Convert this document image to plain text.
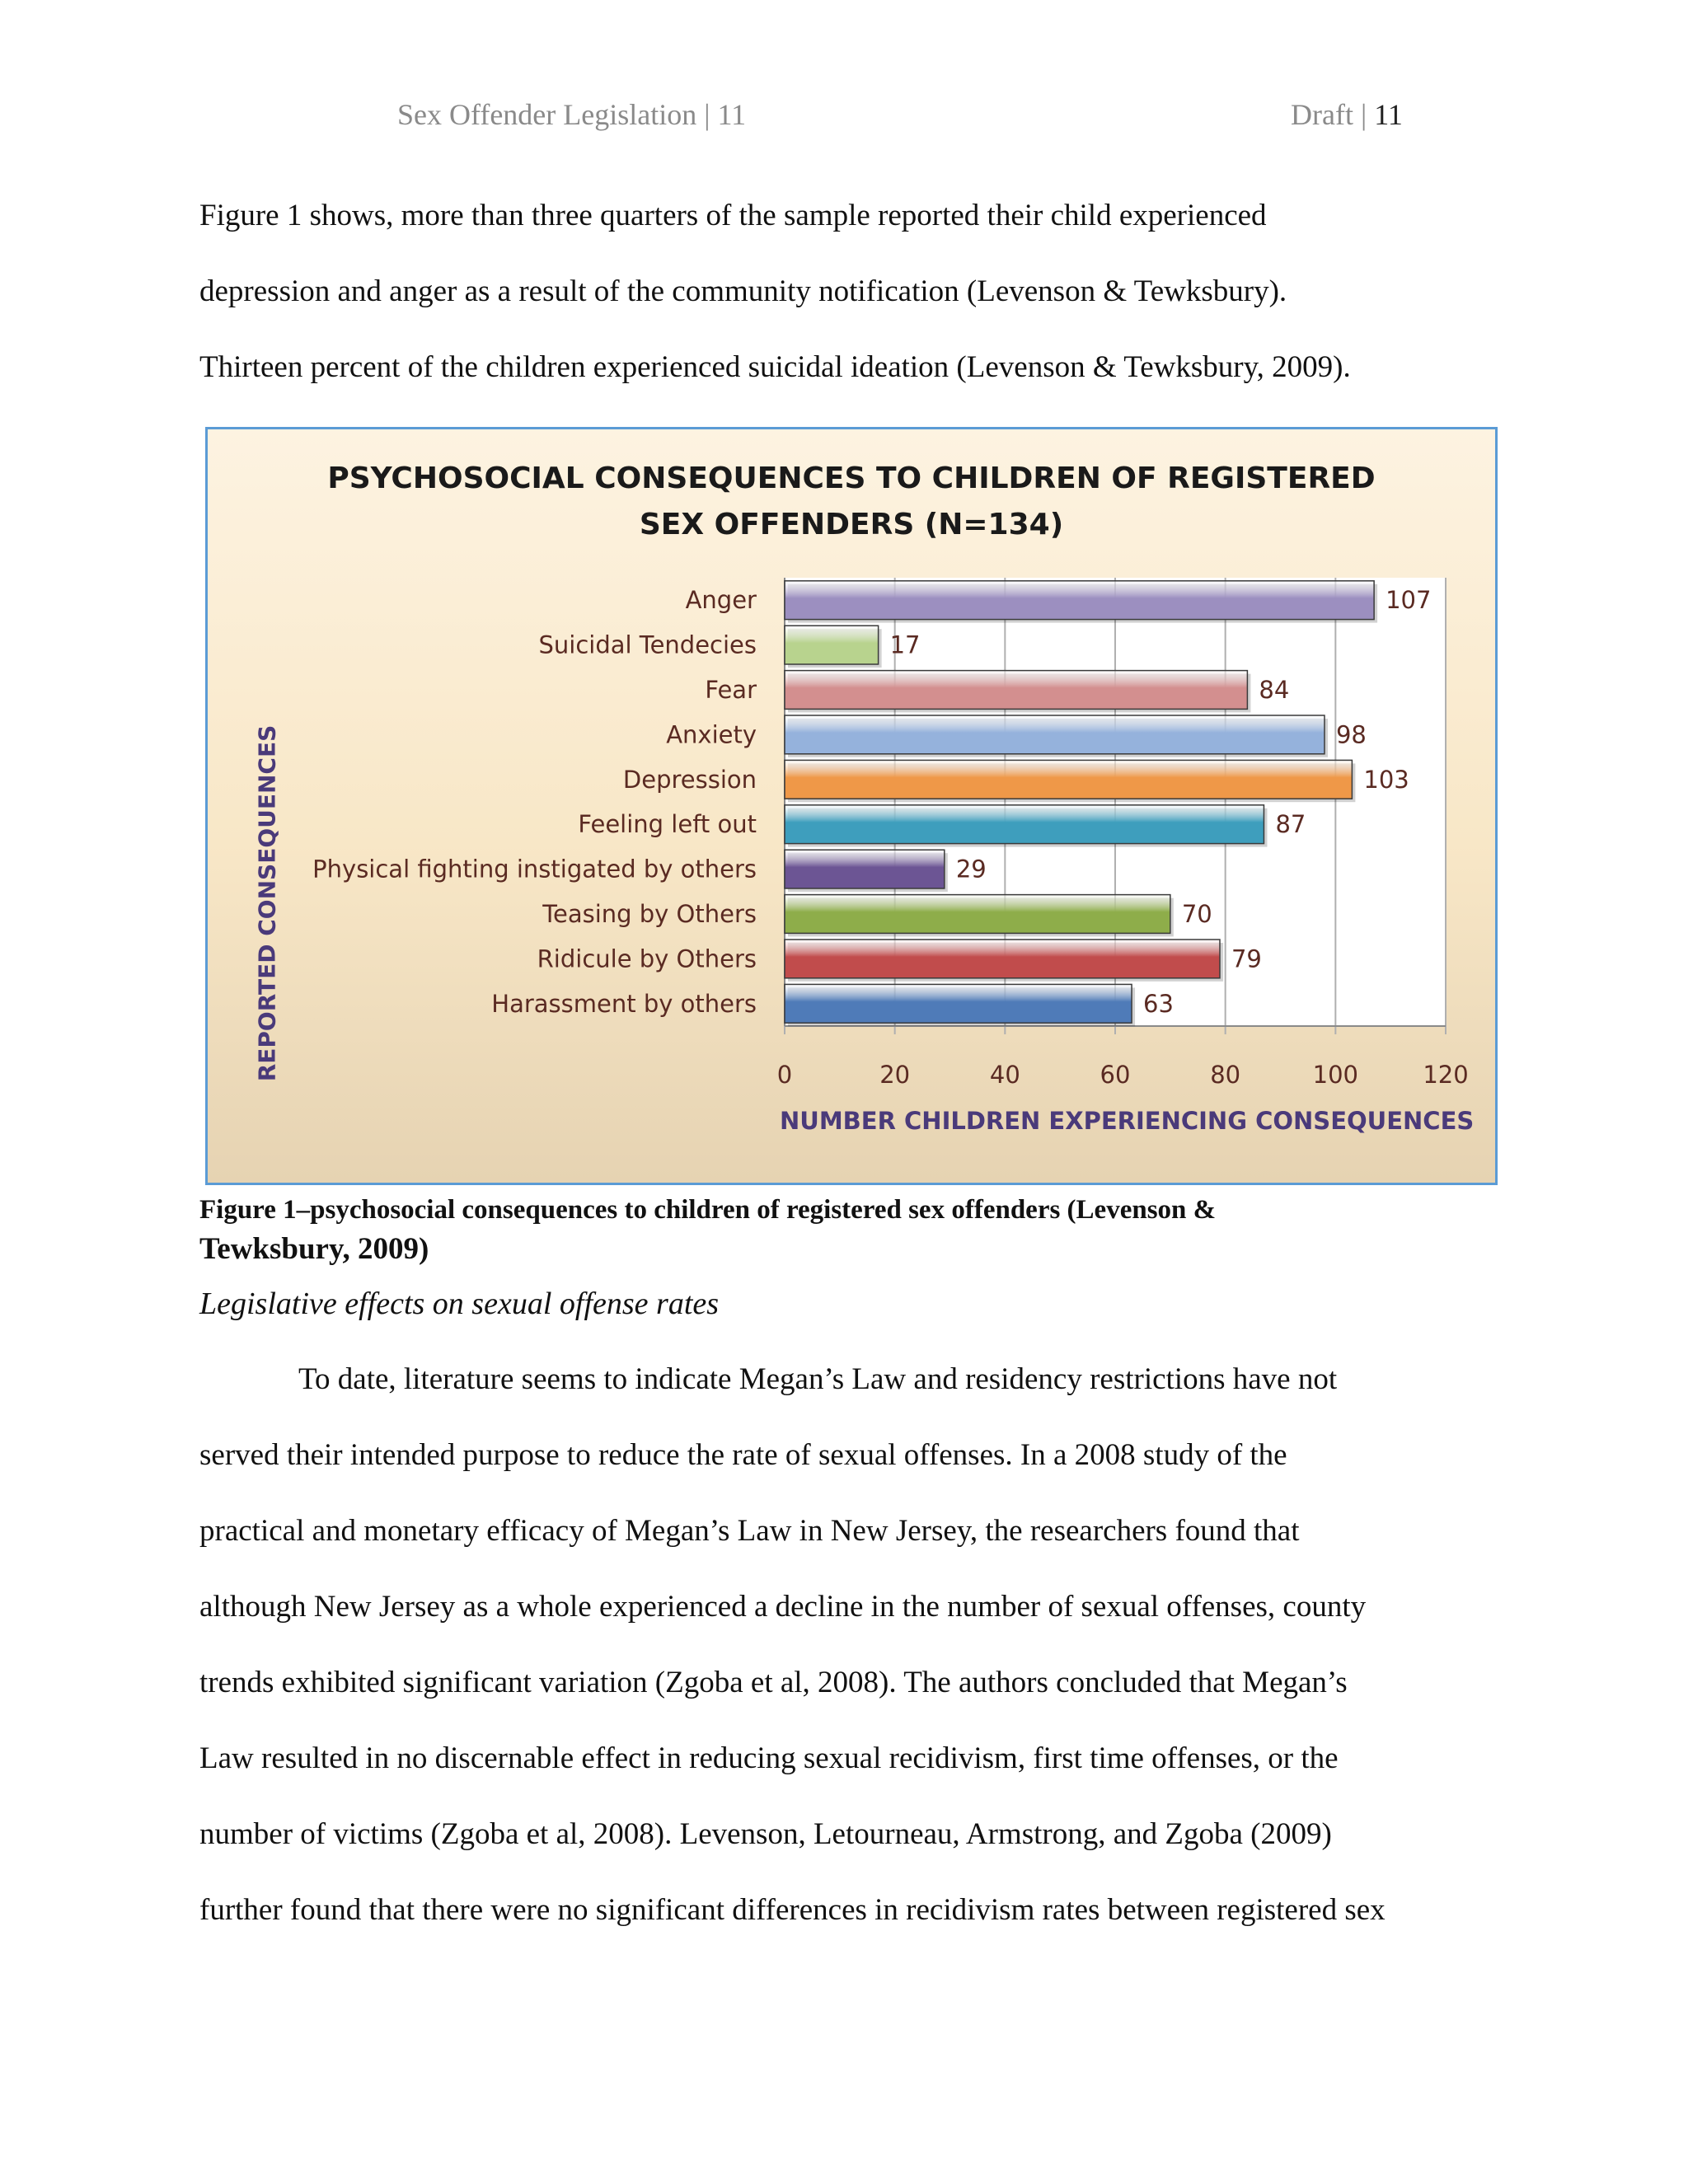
Sex Offender Legislation | 11	Draft | 11
Figure 1 shows, more than three quarters of the sample reported their child experienced
depression and anger as a result of the community notification (Levenson & Tewksbury).
Thirteen percent of the children experienced suicidal ideation (Levenson & Tewksbury, 2009).
PSYCHOSOCIAL CONSEQUENCES TO CHILDREN OF REGISTERED
SEX OFFENDERS (N=134)
REPORTED CONSEQUENCES	0	20	40	60	80	100	120
Anger	107
Suicidal Tendecies	17
Fear	84
Anxiety	98
Depression	103
Feeling left out	87
Physical fighting instigated by others	29
Teasing by Others	70
Ridicule by Others	79
Harassment by others	63
NUMBER CHILDREN EXPERIENCING CONSEQUENCES
Figure 1–psychosocial consequences to children of registered sex offenders (Levenson &
Tewksbury, 2009)
Legislative effects on sexual offense rates
To date, literature seems to indicate Megan’s Law and residency restrictions have not
served their intended purpose to reduce the rate of sexual offenses. In a 2008 study of the
practical and monetary efficacy of Megan’s Law in New Jersey, the researchers found that
although New Jersey as a whole experienced a decline in the number of sexual offenses, county
trends exhibited significant variation (Zgoba et al, 2008). The authors concluded that Megan’s
Law resulted in no discernable effect in reducing sexual recidivism, first time offenses, or the
number of victims (Zgoba et al, 2008). Levenson, Letourneau, Armstrong, and Zgoba (2009)
further found that there were no significant differences in recidivism rates between registered sex
